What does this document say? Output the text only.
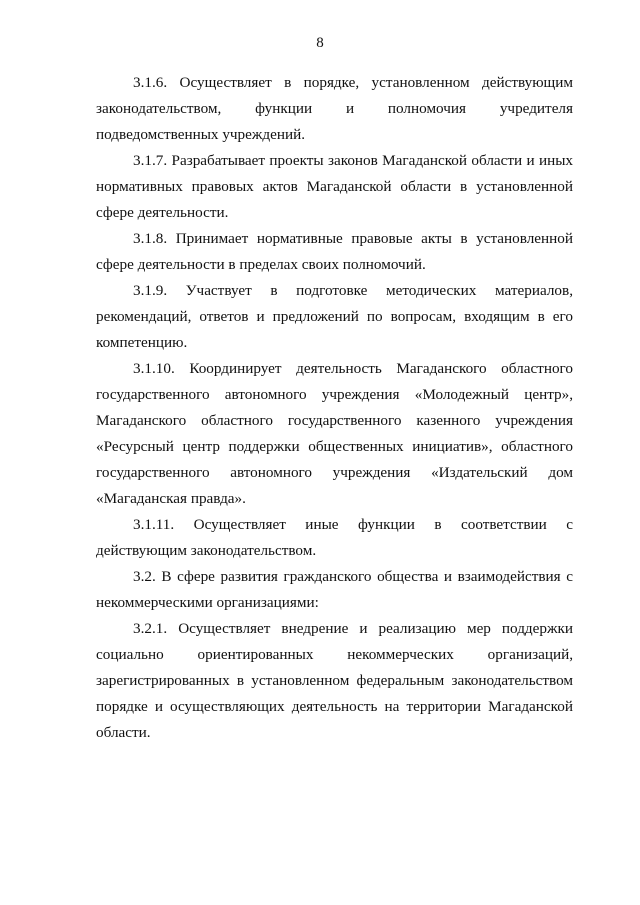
8

3.1.6. Осуществляет в порядке, установленном действующим законодательством, функции и полномочия учредителя подведомственных учреждений.

3.1.7. Разрабатывает проекты законов Магаданской области и иных нормативных правовых актов Магаданской области в установленной сфере деятельности.

3.1.8. Принимает нормативные правовые акты в установленной сфере деятельности в пределах своих полномочий.

3.1.9. Участвует в подготовке методических материалов, рекомендаций, ответов и предложений по вопросам, входящим в его компетенцию.

3.1.10. Координирует деятельность Магаданского областного государственного автономного учреждения «Молодежный центр», Магаданского областного государственного казенного учреждения «Ресурсный центр поддержки общественных инициатив», областного государственного автономного учреждения «Издательский дом «Магаданская правда».

3.1.11. Осуществляет иные функции в соответствии с действующим законодательством.

3.2. В сфере развития гражданского общества и взаимодействия с некоммерческими организациями:

3.2.1. Осуществляет внедрение и реализацию мер поддержки социально ориентированных некоммерческих организаций, зарегистрированных в установленном федеральным законодательством порядке и осуществляющих деятельность на территории Магаданской области.
